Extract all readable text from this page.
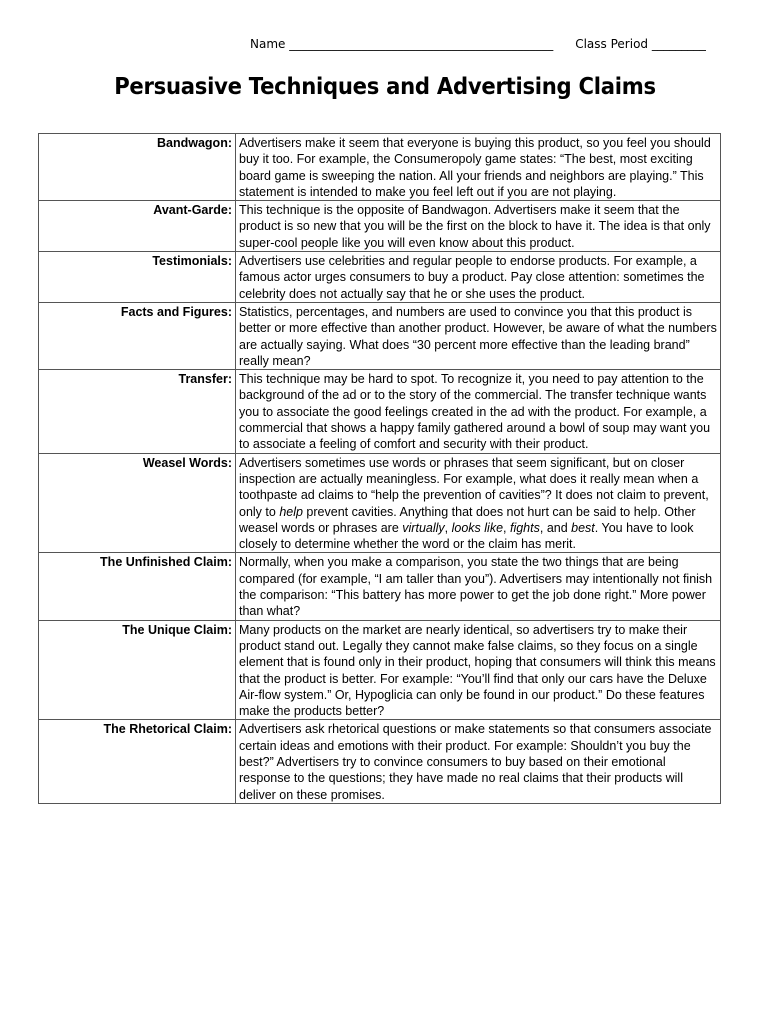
Name ____________________________________________ Class Period _________
Persuasive Techniques and Advertising Claims
Bandwagon:	Advertisers make it seem that everyone is buying this product, so you feel you should buy it too. For example, the Consumeropoly game states: “The best, most exciting board game is sweeping the nation. All your friends and neighbors are playing.” This statement is intended to make you feel left out if you are not playing.
Avant-Garde:	This technique is the opposite of Bandwagon. Advertisers make it seem that the product is so new that you will be the first on the block to have it. The idea is that only super-cool people like you will even know about this product.
Testimonials:	Advertisers use celebrities and regular people to endorse products. For example, a famous actor urges consumers to buy a product. Pay close attention: sometimes the celebrity does not actually say that he or she uses the product.
Facts and Figures:	Statistics, percentages, and numbers are used to convince you that this product is better or more effective than another product. However, be aware of what the numbers are actually saying. What does “30 percent more effective than the leading brand” really mean?
Transfer:	This technique may be hard to spot. To recognize it, you need to pay attention to the background of the ad or to the story of the commercial. The transfer technique wants you to associate the good feelings created in the ad with the product. For example, a commercial that shows a happy family gathered around a bowl of soup may want you to associate a feeling of comfort and security with their product.
Weasel Words:	Advertisers sometimes use words or phrases that seem significant, but on closer inspection are actually meaningless. For example, what does it really mean when a toothpaste ad claims to “help the prevention of cavities”? It does not claim to prevent, only to help prevent cavities. Anything that does not hurt can be said to help. Other weasel words or phrases are virtually, looks like, fights, and best. You have to look closely to determine whether the word or the claim has merit.
The Unfinished Claim:	Normally, when you make a comparison, you state the two things that are being compared (for example, “I am taller than you”). Advertisers may intentionally not finish the comparison: “This battery has more power to get the job done right.” More power than what?
The Unique Claim:	Many products on the market are nearly identical, so advertisers try to make their product stand out. Legally they cannot make false claims, so they focus on a single element that is found only in their product, hoping that consumers will think this means that the product is better. For example: “You’ll find that only our cars have the Deluxe Air-flow system.” Or, Hypoglicia can only be found in our product.” Do these features make the products better?
The Rhetorical Claim:	Advertisers ask rhetorical questions or make statements so that consumers associate certain ideas and emotions with their product. For example: Shouldn’t you buy the best?” Advertisers try to convince consumers to buy based on their emotional response to the questions; they have made no real claims that their products will deliver on these promises.
